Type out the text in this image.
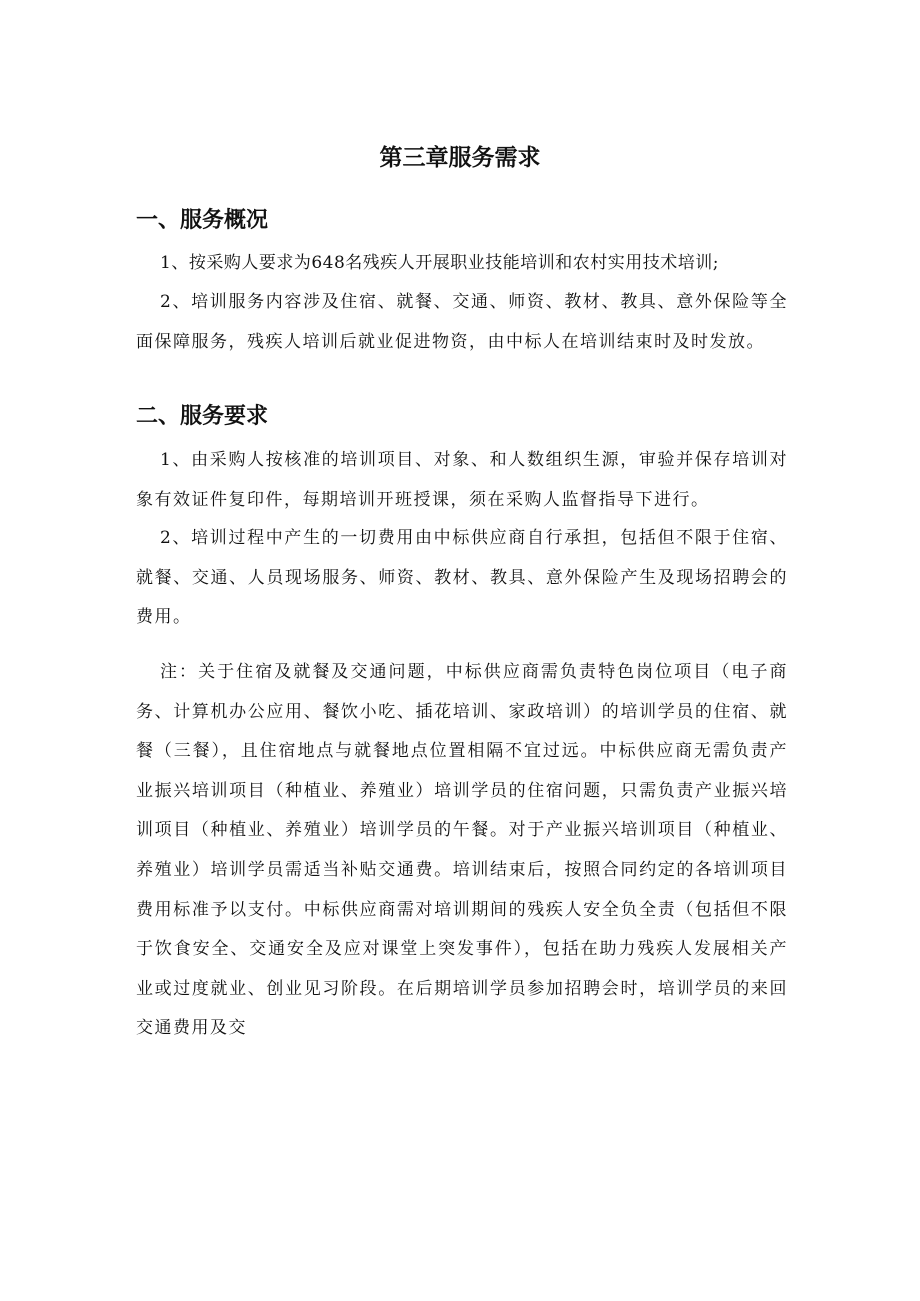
第三章服务需求
一、服务概况

1、按采购人要求为648名残疾人开展职业技能培训和农村实用技术培训;

2、培训服务内容涉及住宿、就餐、交通、师资、教材、教具、意外保险等全面保障服务，残疾人培训后就业促进物资，由中标人在培训结束时及时发放。

二、服务要求

1、由采购人按核准的培训项目、对象、和人数组织生源，审验并保存培训对象有效证件复印件，每期培训开班授课，须在采购人监督指导下进行。

2、培训过程中产生的一切费用由中标供应商自行承担，包括但不限于住宿、就餐、交通、人员现场服务、师资、教材、教具、意外保险产生及现场招聘会的费用。

注：关于住宿及就餐及交通问题，中标供应商需负责特色岗位项目（电子商务、计算机办公应用、餐饮小吃、插花培训、家政培训）的培训学员的住宿、就餐（三餐），且住宿地点与就餐地点位置相隔不宜过远。中标供应商无需负责产业振兴培训项目（种植业、养殖业）培训学员的住宿问题，只需负责产业振兴培训项目（种植业、养殖业）培训学员的午餐。对于产业振兴培训项目（种植业、养殖业）培训学员需适当补贴交通费。培训结束后，按照合同约定的各培训项目费用标准予以支付。中标供应商需对培训期间的残疾人安全负全责（包括但不限于饮食安全、交通安全及应对课堂上突发事件），包括在助力残疾人发展相关产业或过度就业、创业见习阶段。在后期培训学员参加招聘会时，培训学员的来回交通费用及交
